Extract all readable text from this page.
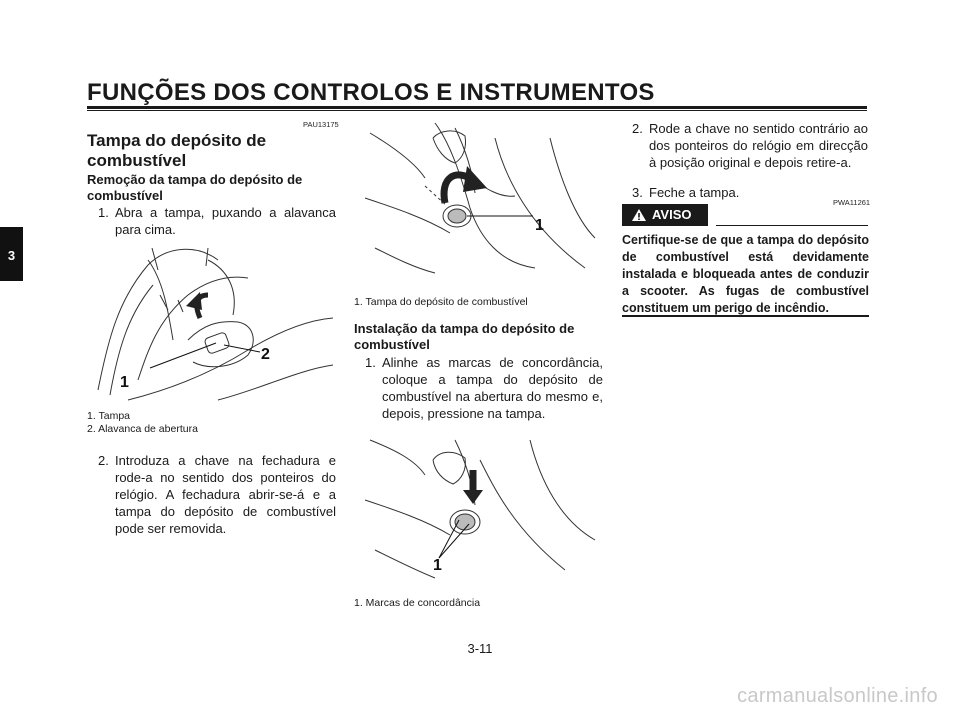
FUNÇÕES DOS CONTROLOS E INSTRUMENTOS
3
PAU13175
Tampa do depósito de combustível
Remoção da tampa do depósito de combustível
1. Abra a tampa, puxando a alavanca para cima.
1
2
1. Tampa
2. Alavanca de abertura
2. Introduza a chave na fechadura e rode-a no sentido dos ponteiros do relógio. A fechadura abrir-se-á e a tampa do depósito de combustível pode ser removida.
1
1. Tampa do depósito de combustível
Instalação da tampa do depósito de combustível
1. Alinhe as marcas de concordância, coloque a tampa do depósito de combustível na abertura do mesmo e, depois, pressione na tampa.
1
1. Marcas de concordância
2. Rode a chave no sentido contrário ao dos ponteiros do relógio em direcção à posição original e depois retire-a.
3. Feche a tampa.
PWA11261
AVISO
Certifique-se de que a tampa do depósito de combustível está devidamente instalada e bloqueada antes de conduzir a scooter. As fugas de combustível constituem um perigo de incêndio.
3-11
carmanualsonline.info
